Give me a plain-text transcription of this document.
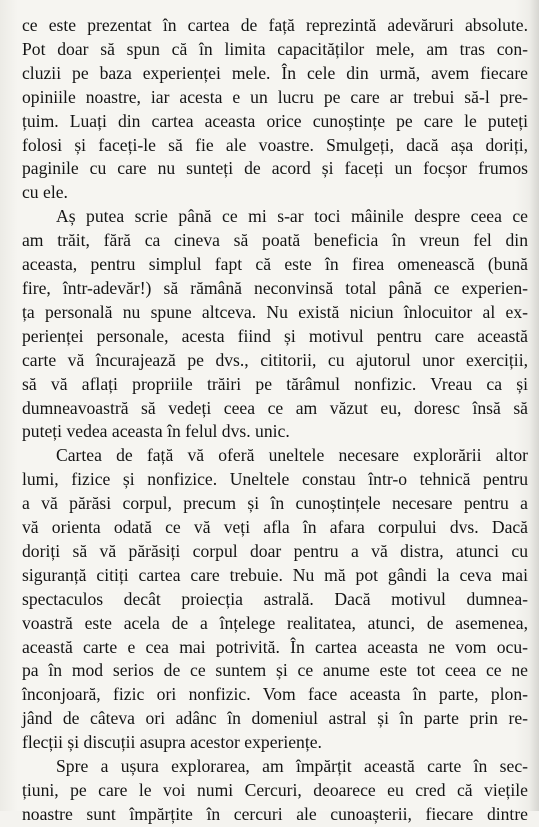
ce este prezentat în cartea de față reprezintă adevăruri absolute.
Pot doar să spun că în limita capacităților mele, am tras con-
cluzii pe baza experienței mele. În cele din urmă, avem fiecare
opiniile noastre, iar acesta e un lucru pe care ar trebui să-l pre-
țuim. Luați din cartea aceasta orice cunoștințe pe care le puteți
folosi și faceți-le să fie ale voastre. Smulgeți, dacă așa doriți,
paginile cu care nu sunteți de acord și faceți un focșor frumos
cu ele.

Aș putea scrie până ce mi s-ar toci mâinile despre ceea ce
am trăit, fără ca cineva să poată beneficia în vreun fel din
aceasta, pentru simplul fapt că este în firea omenească (bună
fire, într-adevăr!) să rămână neconvinsă total până ce experien-
ța personală nu spune altceva. Nu există niciun înlocuitor al ex-
perienței personale, acesta fiind și motivul pentru care această
carte vă încurajează pe dvs., cititorii, cu ajutorul unor exerciții,
să vă aflați propriile trăiri pe tărâmul nonfizic. Vreau ca și
dumneavoastră să vedeți ceea ce am văzut eu, doresc însă să
puteți vedea aceasta în felul dvs. unic.

Cartea de față vă oferă uneltele necesare explorării altor
lumi, fizice și nonfizice. Uneltele constau într-o tehnică pentru
a vă părăsi corpul, precum și în cunoștințele necesare pentru a
vă orienta odată ce vă veți afla în afara corpului dvs. Dacă
doriți să vă părăsiți corpul doar pentru a vă distra, atunci cu
siguranță citiți cartea care trebuie. Nu mă pot gândi la ceva mai
spectaculos decât proiecția astrală. Dacă motivul dumnea-
voastră este acela de a înțelege realitatea, atunci, de asemenea,
această carte e cea mai potrivită. În cartea aceasta ne vom ocu-
pa în mod serios de ce suntem și ce anume este tot ceea ce ne
înconjoară, fizic ori nonfizic. Vom face aceasta în parte, plon-
jând de câteva ori adânc în domeniul astral și în parte prin re-
flecții și discuții asupra acestor experiențe.

Spre a ușura explorarea, am împărțit această carte în sec-
țiuni, pe care le voi numi Cercuri, deoarece eu cred că viețile
noastre sunt împărțite în cercuri ale cunoașterii, fiecare dintre
